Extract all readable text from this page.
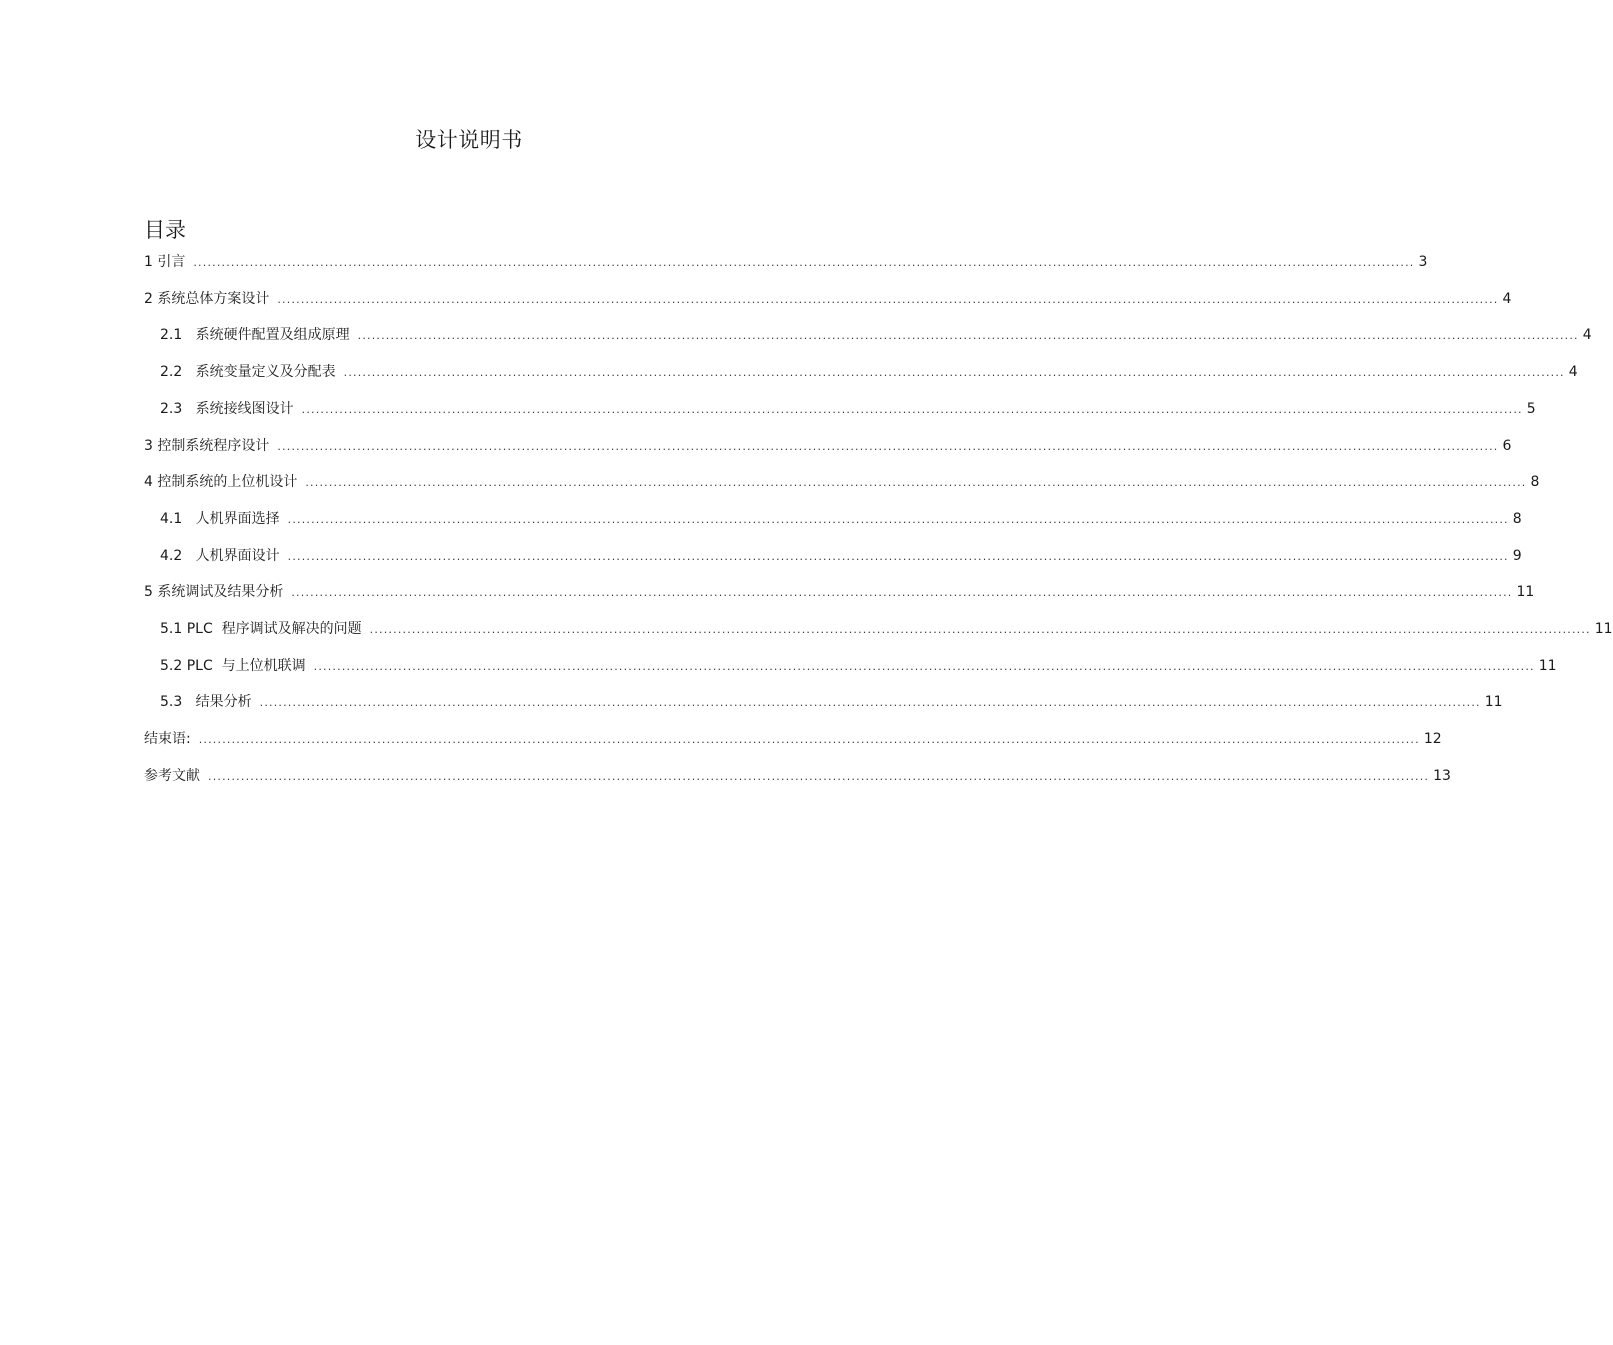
设计说明书
目录
1 引言 .................................................................................................................................................................................................................................................................... 3
2 系统总体方案设计 .................................................................................................................................................................................................................................................................... 4
2.1   系统硬件配置及组成原理 .................................................................................................................................................................................................................................................................... 4
2.2   系统变量定义及分配表 .................................................................................................................................................................................................................................................................... 4
2.3   系统接线图设计 .................................................................................................................................................................................................................................................................... 5
3 控制系统程序设计 .................................................................................................................................................................................................................................................................... 6
4 控制系统的上位机设计 .................................................................................................................................................................................................................................................................... 8
4.1   人机界面选择 .................................................................................................................................................................................................................................................................... 8
4.2   人机界面设计 .................................................................................................................................................................................................................................................................... 9
5 系统调试及结果分析 .................................................................................................................................................................................................................................................................... 11
5.1 PLC  程序调试及解决的问题 .................................................................................................................................................................................................................................................................... 11
5.2 PLC  与上位机联调 .................................................................................................................................................................................................................................................................... 11
5.3   结果分析 .................................................................................................................................................................................................................................................................... 11
结束语: .................................................................................................................................................................................................................................................................... 12
参考文献 .................................................................................................................................................................................................................................................................... 13
